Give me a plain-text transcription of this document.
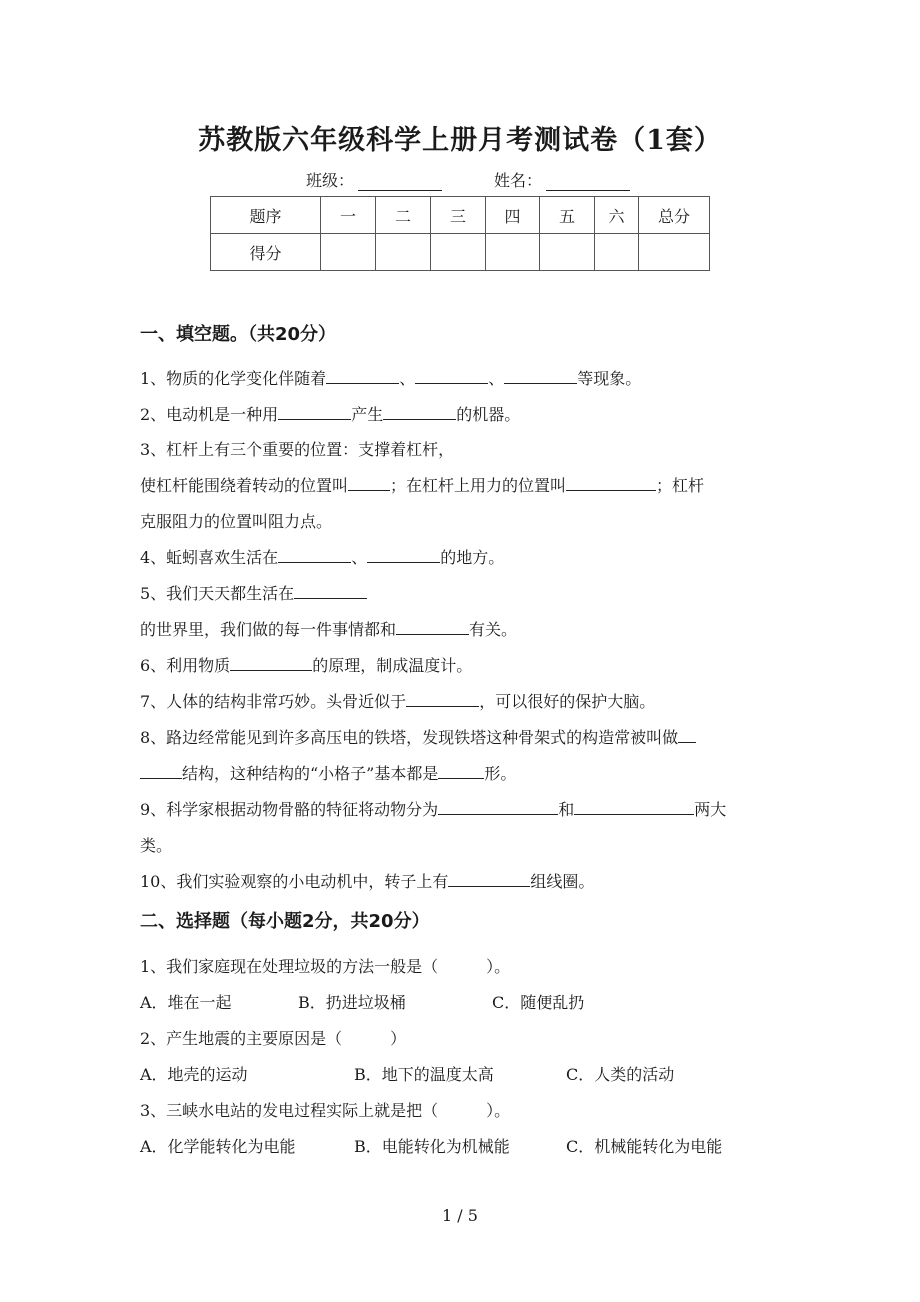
苏教版六年级科学上册月考测试卷（1套）
班级：	姓名：
题序	一	二	三	四	五	六	总分
得分							
一、填空题。（共20分）
1、物质的化学变化伴随着	、	、	等现象。
2、电动机是一种用	产生	的机器。
3、杠杆上有三个重要的位置：支撑着杠杆，
使杠杆能围绕着转动的位置叫	；在杠杆上用力的位置叫	；杠杆
克服阻力的位置叫阻力点。
4、蚯蚓喜欢生活在	、	的地方。
5、我们天天都生活在
的世界里，我们做的每一件事情都和	有关。
6、利用物质	的原理，制成温度计。
7、人体的结构非常巧妙。头骨近似于	，可以很好的保护大脑。
8、路边经常能见到许多高压电的铁塔，发现铁塔这种骨架式的构造常被叫做
结构，这种结构的“小格子”基本都是	形。
9、科学家根据动物骨骼的特征将动物分为	和	两大
类。
10、我们实验观察的小电动机中，转子上有	组线圈。
二、选择题（每小题2分，共20分）
1、我们家庭现在处理垃圾的方法一般是（　　　）。
A．堆在一起	B．扔进垃圾桶	C．随便乱扔
2、产生地震的主要原因是（　　　）
A．地壳的运动	B．地下的温度太高	C．人类的活动
3、三峡水电站的发电过程实际上就是把（　　　）。
A．化学能转化为电能	B．电能转化为机械能	C．机械能转化为电能
1 / 5
